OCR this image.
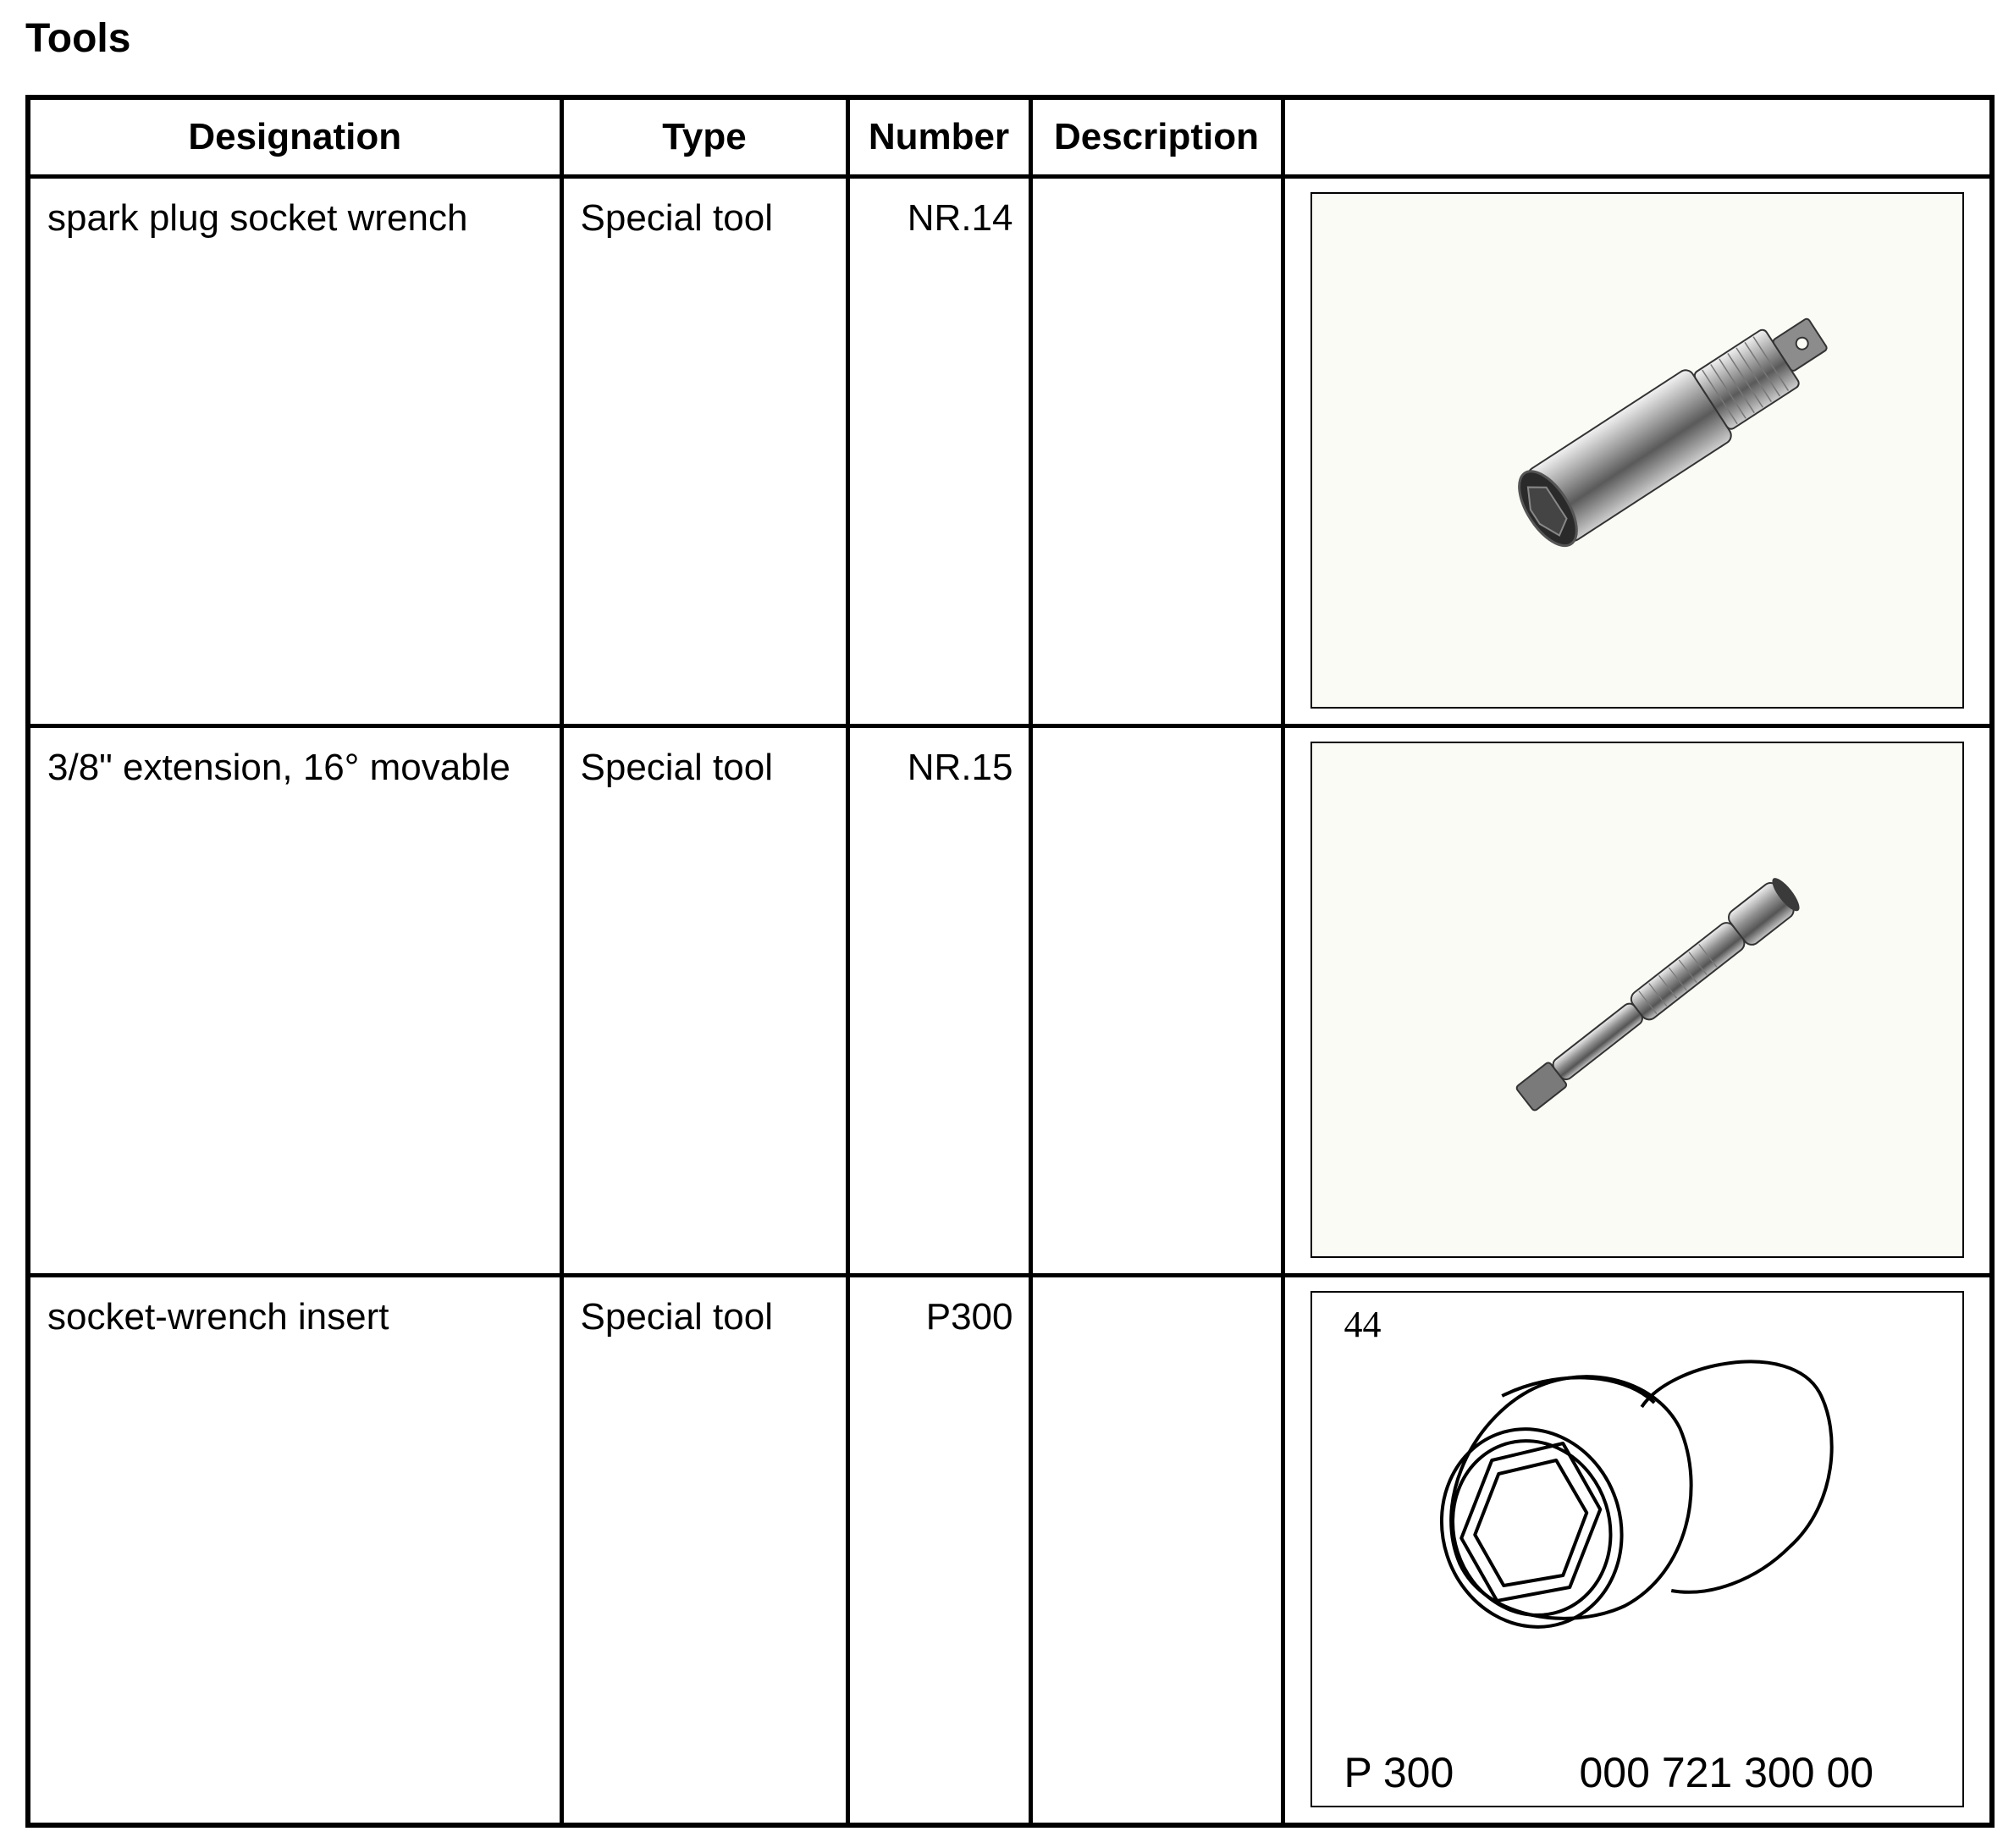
Tools
Designation	Type	Number	Description	

spark plug socket wrench	Special tool	NR.14

3/8" extension, 16° movable	Special tool	NR.15

socket-wrench insert	Special tool	P300		44
P 300 000 721 300 00
